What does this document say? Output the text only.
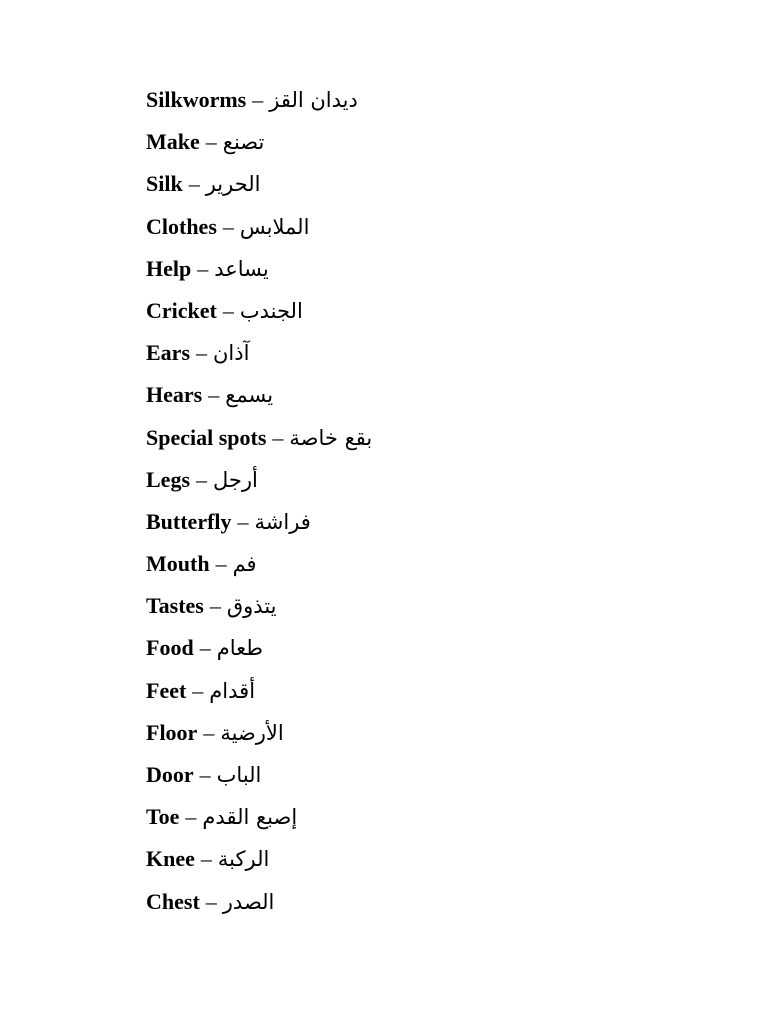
Silkworms – ديدان القز
Make – تصنع
Silk – الحرير
Clothes – الملابس
Help – يساعد
Cricket – الجندب
Ears – آذان
Hears – يسمع
Special spots – بقع خاصة
Legs – أرجل
Butterfly – فراشة
Mouth – فم
Tastes – يتذوق
Food – طعام
Feet – أقدام
Floor – الأرضية
Door – الباب
Toe – إصبع القدم
Knee – الركبة
Chest – الصدر
